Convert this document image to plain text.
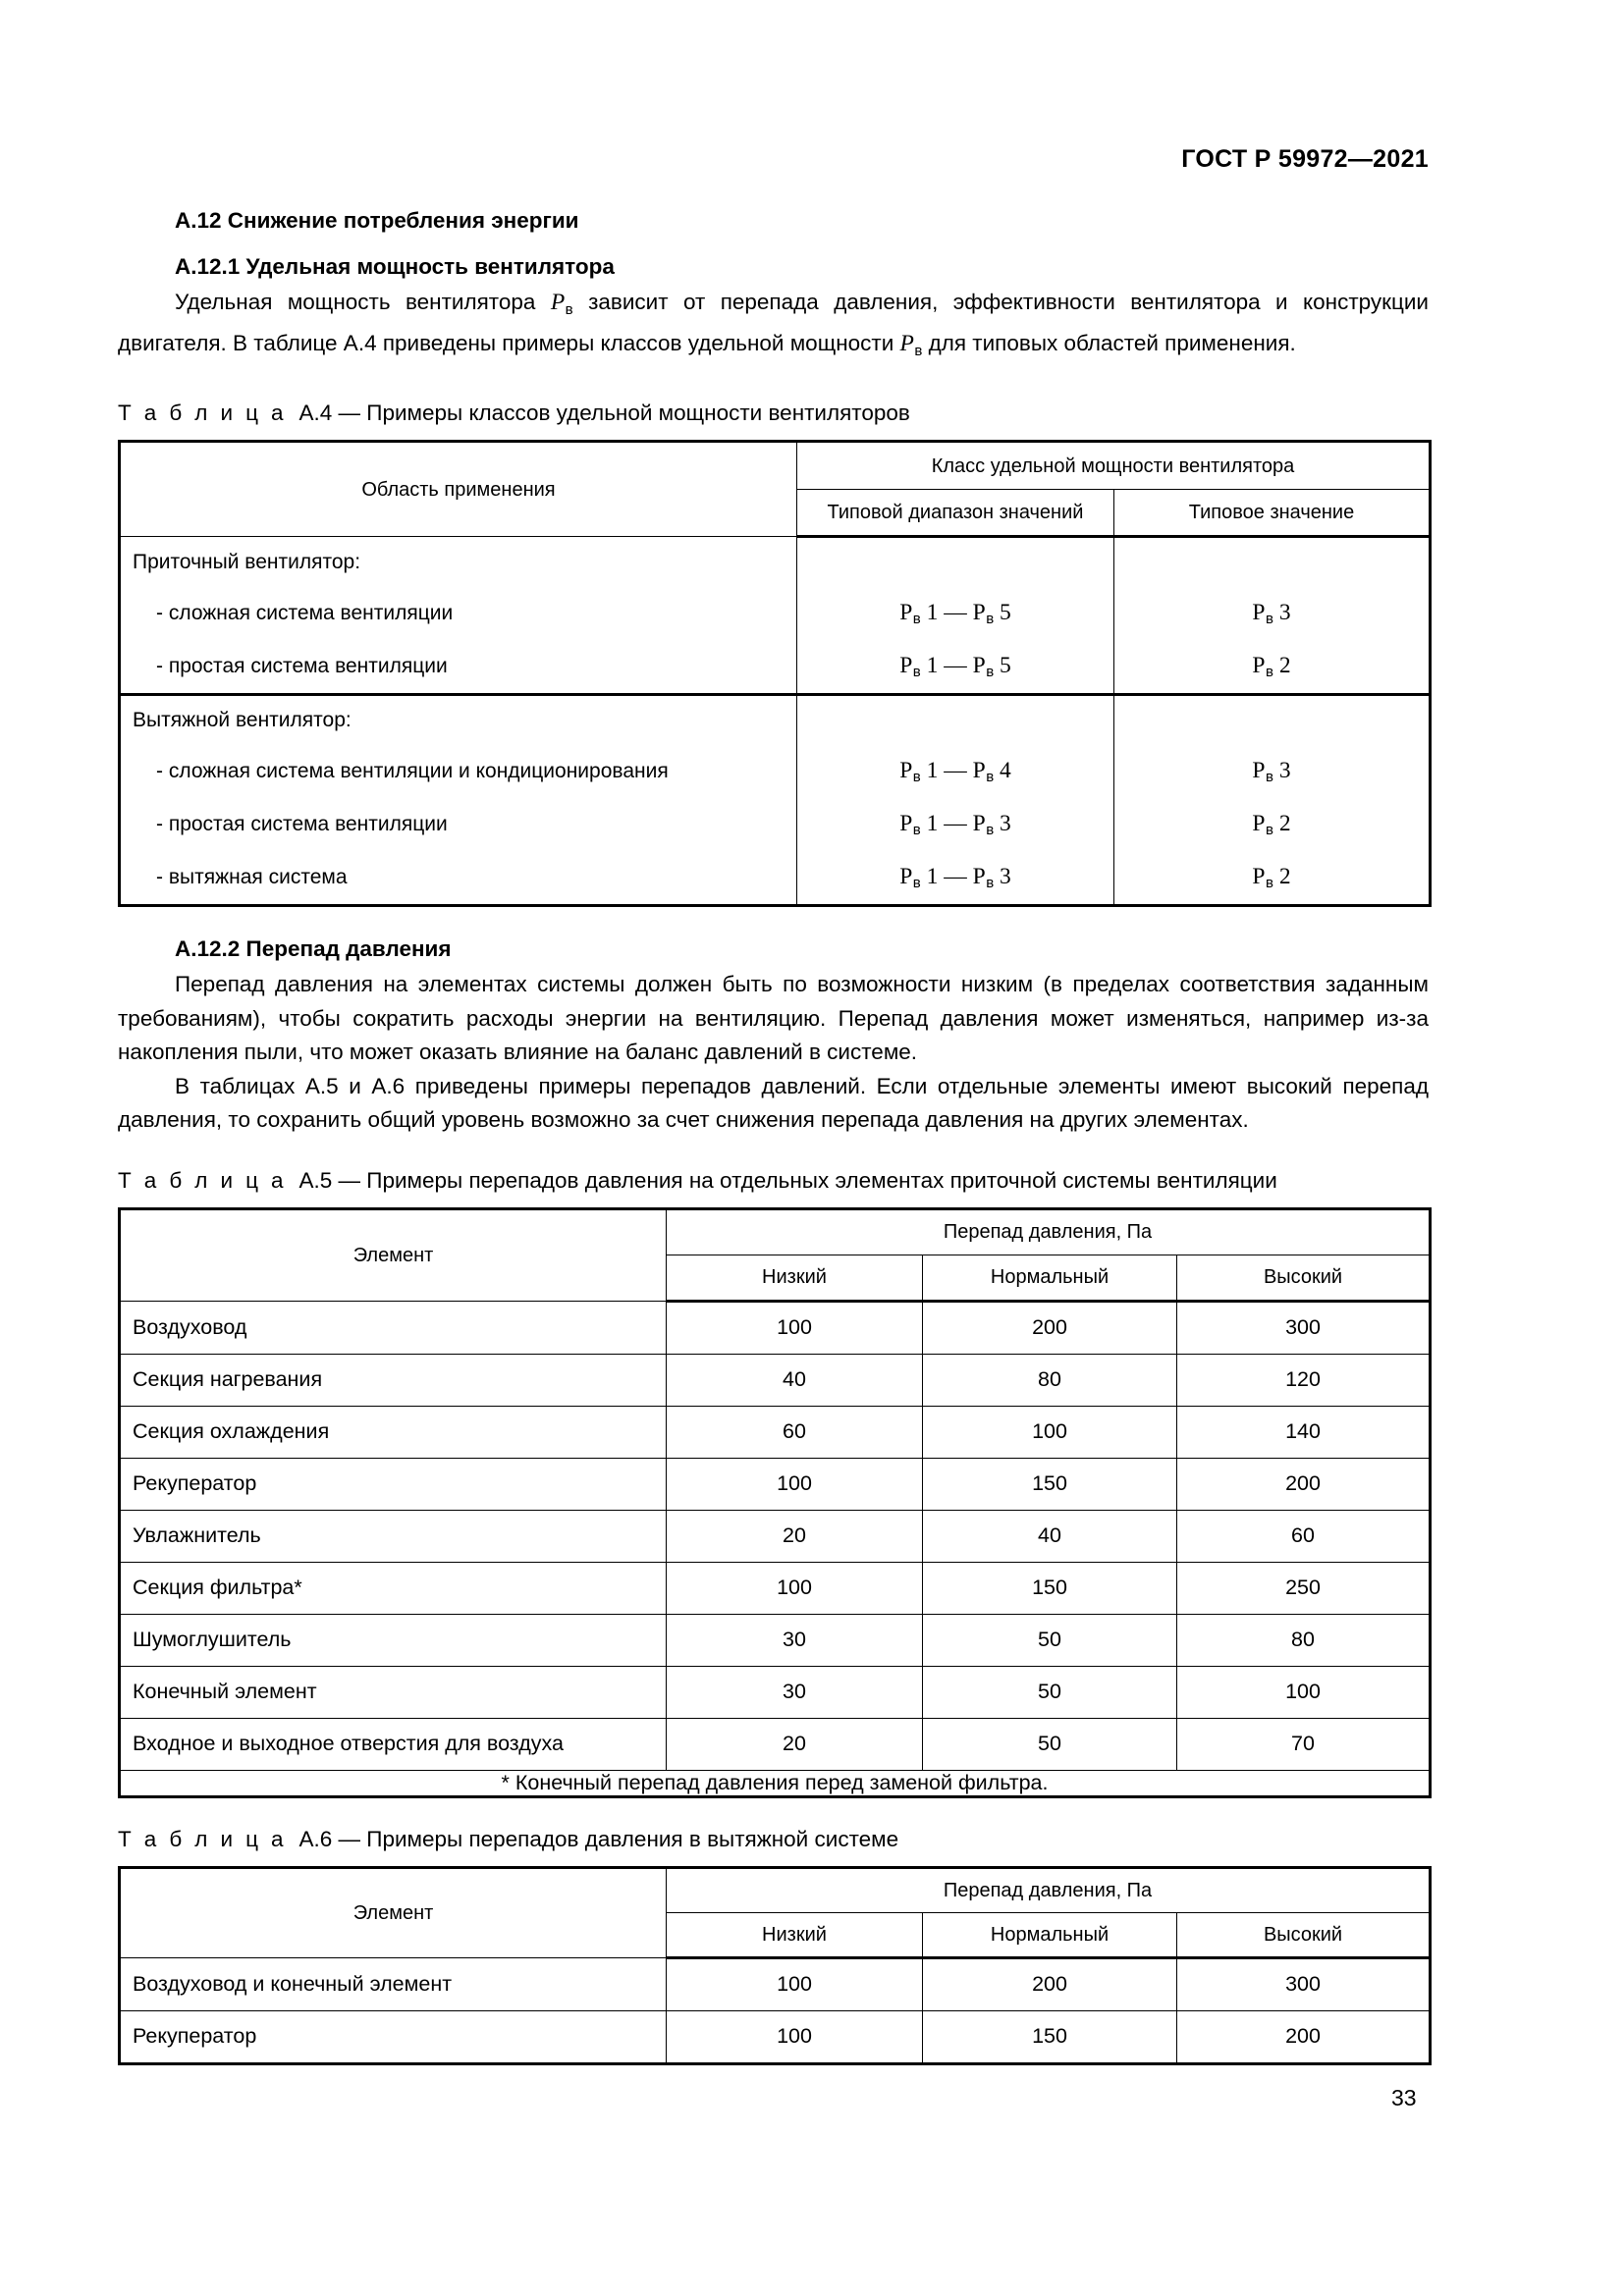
ГОСТ Р 59972—2021
А.12 Снижение потребления энергии
А.12.1 Удельная мощность вентилятора

Удельная мощность вентилятора $P_в$ зависит от перепада давления, эффективности вентилятора и конструкции двигателя. В таблице А.4 приведены примеры классов удельной мощности $P_в$ для типовых областей применения.

Т а б л и ц а А.4 — Примеры классов удельной мощности вентиляторов

Область применения	Класс удельной мощности вентилятора	
	Типовой диапазон значений	Типовое значение
Приточный вентилятор:		
- сложная система вентиляции	$P_в$ 1 — $P_в$ 5	$P_в$ 3
- простая система вентиляции	$P_в$ 1 — $P_в$ 5	$P_в$ 2
Вытяжной вентилятор:		
- сложная система вентиляции и кондиционирования	$P_в$ 1 — $P_в$ 4	$P_в$ 3
- простая система вентиляции	$P_в$ 1 — $P_в$ 3	$P_в$ 2
- вытяжная система	$P_в$ 1 — $P_в$ 3	$P_в$ 2
А.12.2 Перепад давления

Перепад давления на элементах системы должен быть по возможности низким (в пределах соответствия заданным требованиям), чтобы сократить расходы энергии на вентиляцию. Перепад давления может изменяться, например из-за накопления пыли, что может оказать влияние на баланс давлений в системе.

В таблицах А.5 и А.6 приведены примеры перепадов давлений. Если отдельные элементы имеют высокий перепад давления, то сохранить общий уровень возможно за счет снижения перепада давления на других элементах.

Т а б л и ц а А.5 — Примеры перепадов давления на отдельных элементах приточной системы вентиляции

Элемент	Перепад давления, Па		
	Низкий	Нормальный	Высокий
Воздуховод	100	200	300
Секция нагревания	40	80	120
Секция охлаждения	60	100	140
Рекуператор	100	150	200
Увлажнитель	20	40	60
Секция фильтра*	100	150	250
Шумоглушитель	30	50	80
Конечный элемент	30	50	100
Входное и выходное отверстия для воздуха	20	50	70
* Конечный перепад давления перед заменой фильтра.			

Т а б л и ц а А.6 — Примеры перепадов давления в вытяжной системе

Элемент	Перепад давления, Па		
	Низкий	Нормальный	Высокий
Воздуховод и конечный элемент	100	200	300
Рекуператор	100	150	200
33
